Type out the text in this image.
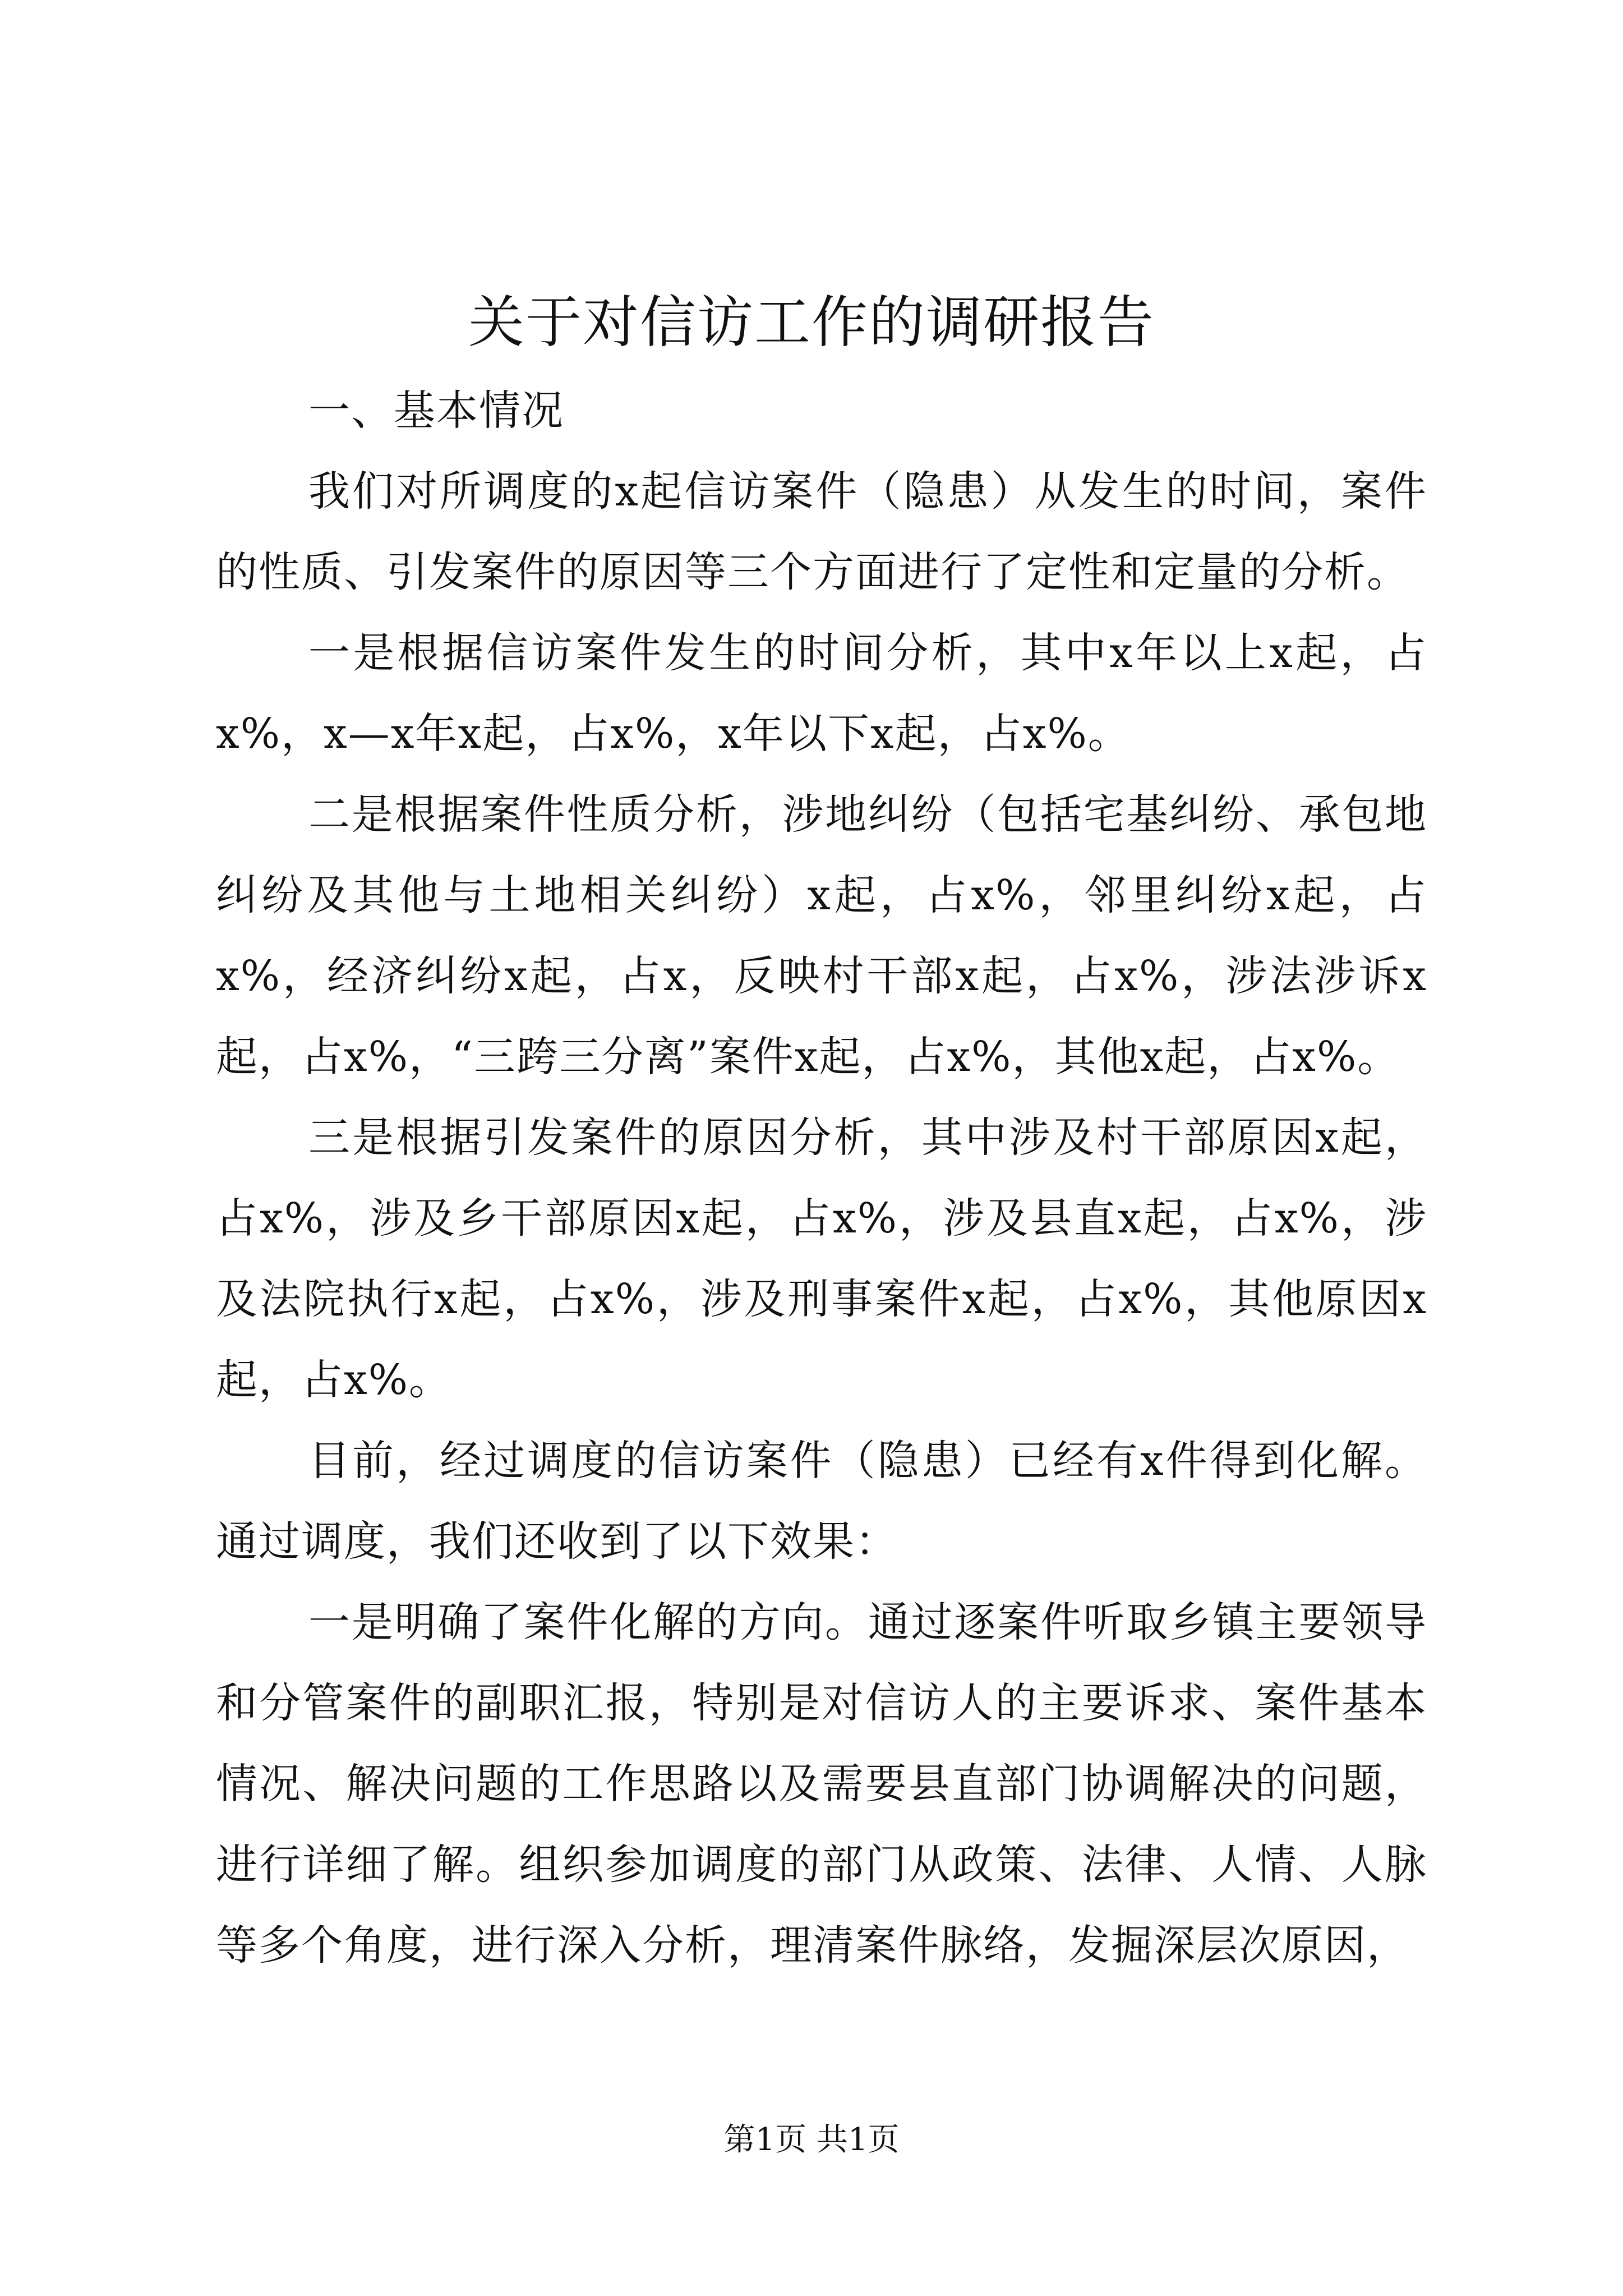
关于对信访工作的调研报告

一、基本情况

我们对所调度的x起信访案件（隐患）从发生的时间，案件的性质、引发案件的原因等三个方面进行了定性和定量的分析。

一是根据信访案件发生的时间分析，其中x年以上x起，占x%，x—x年x起，占x%，x年以下x起，占x%。

二是根据案件性质分析，涉地纠纷（包括宅基纠纷、承包地纠纷及其他与土地相关纠纷）x起，占x%，邻里纠纷x起，占x%，经济纠纷x起，占x，反映村干部x起，占x%，涉法涉诉x起，占x%，“三跨三分离”案件x起，占x%，其他x起，占x%。

三是根据引发案件的原因分析，其中涉及村干部原因x起，占x%，涉及乡干部原因x起，占x%，涉及县直x起，占x%，涉及法院执行x起，占x%，涉及刑事案件x起，占x%，其他原因x起，占x%。

目前，经过调度的信访案件（隐患）已经有x件得到化解。通过调度，我们还收到了以下效果：

一是明确了案件化解的方向。通过逐案件听取乡镇主要领导和分管案件的副职汇报，特别是对信访人的主要诉求、案件基本情况、解决问题的工作思路以及需要县直部门协调解决的问题，进行详细了解。组织参加调度的部门从政策、法律、人情、人脉等多个角度，进行深入分析，理清案件脉络，发掘深层次原因，

第1页 共1页
